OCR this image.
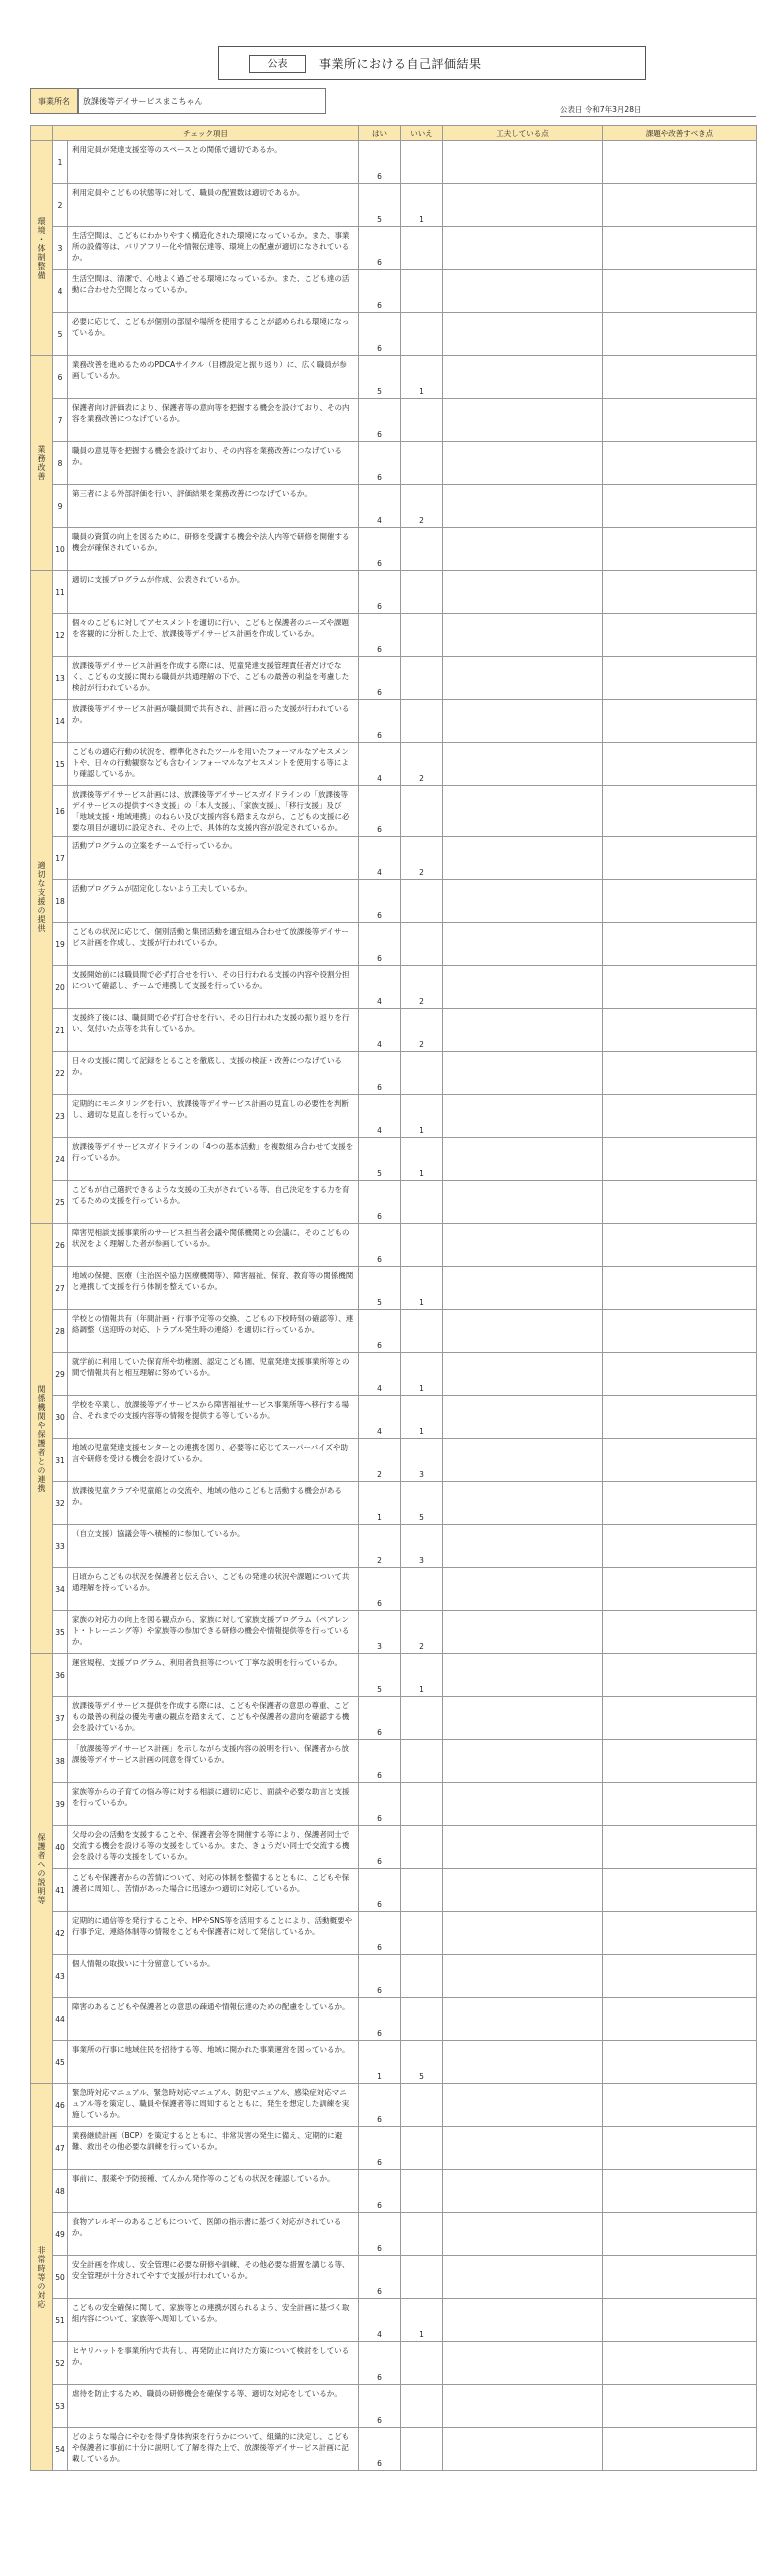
公表	事業所における自己評価結果
事業所名	放課後等デイサービスまこちゃん
公表日 令和7年3月28日
	チェック項目		はい	いいえ	工夫している点	課題や改善すべき点

環境・体制整備	1	利用定員が発達支援室等のスペースとの関係で適切であるか。	6			
	2	利用定員やこどもの状態等に対して、職員の配置数は適切であるか。	5	1		
	3	生活空間は、こどもにわかりやすく構造化された環境になっているか。また、事業所の設備等は、バリアフリー化や情報伝達等、環境上の配慮が適切になされているか。	6			
	4	生活空間は、清潔で、心地よく過ごせる環境になっているか。また、こども達の活動に合わせた空間となっているか。	6			
	5	必要に応じて、こどもが個別の部屋や場所を使用することが認められる環境になっているか。	6			

業務改善	6	業務改善を進めるためのPDCAサイクル（目標設定と振り返り）に、広く職員が参画しているか。	5	1		
	7	保護者向け評価表により、保護者等の意向等を把握する機会を設けており、その内容を業務改善につなげているか。	6			
	8	職員の意見等を把握する機会を設けており、その内容を業務改善につなげているか。	6			
	9	第三者による外部評価を行い、評価結果を業務改善につなげているか。	4	2		
	10	職員の資質の向上を図るために、研修を受講する機会や法人内等で研修を開催する機会が確保されているか。	6			

適切な支援の提供	11	適切に支援プログラムが作成、公表されているか。	6			
	12	個々のこどもに対してアセスメントを適切に行い、こどもと保護者のニーズや課題を客観的に分析した上で、放課後等デイサービス計画を作成しているか。	6			
	13	放課後等デイサービス計画を作成する際には、児童発達支援管理責任者だけでなく、こどもの支援に関わる職員が共通理解の下で、こどもの最善の利益を考慮した検討が行われているか。	6			
	14	放課後等デイサービス計画が職員間で共有され、計画に沿った支援が行われているか。	6			
	15	こどもの適応行動の状況を、標準化されたツールを用いたフォーマルなアセスメントや、日々の行動観察なども含むインフォーマルなアセスメントを使用する等により確認しているか。	4	2		
	16	放課後等デイサービス計画には、放課後等デイサービスガイドラインの「放課後等デイサービスの提供すべき支援」の「本人支援」、「家族支援」、「移行支援」及び「地域支援・地域連携」のねらい及び支援内容も踏まえながら、こどもの支援に必要な項目が適切に設定され、その上で、具体的な支援内容が設定されているか。	6			
	17	活動プログラムの立案をチームで行っているか。	4	2		
	18	活動プログラムが固定化しないよう工夫しているか。	6			
	19	こどもの状況に応じて、個別活動と集団活動を適宜組み合わせて放課後等デイサービス計画を作成し、支援が行われているか。	6			
	20	支援開始前には職員間で必ず打合せを行い、その日行われる支援の内容や役割分担について確認し、チームで連携して支援を行っているか。	4	2		
	21	支援終了後には、職員間で必ず打合せを行い、その日行われた支援の振り返りを行い、気付いた点等を共有しているか。	4	2		
	22	日々の支援に関して記録をとることを徹底し、支援の検証・改善につなげているか。	6			
	23	定期的にモニタリングを行い、放課後等デイサービス計画の見直しの必要性を判断し、適切な見直しを行っているか。	4	1		
	24	放課後等デイサービスガイドラインの「4つの基本活動」を複数組み合わせて支援を行っているか。	5	1		
	25	こどもが自己選択できるような支援の工夫がされている等、自己決定をする力を育てるための支援を行っているか。	6			

関係機関や保護者との連携	26	障害児相談支援事業所のサービス担当者会議や関係機関との会議に、そのこどもの状況をよく理解した者が参画しているか。	6			
	27	地域の保健、医療（主治医や協力医療機関等）、障害福祉、保育、教育等の関係機関と連携して支援を行う体制を整えているか。	5	1		
	28	学校との情報共有（年間計画・行事予定等の交換、こどもの下校時刻の確認等）、連絡調整（送迎時の対応、トラブル発生時の連絡）を適切に行っているか。	6			
	29	就学前に利用していた保育所や幼稚園、認定こども園、児童発達支援事業所等との間で情報共有と相互理解に努めているか。	4	1		
	30	学校を卒業し、放課後等デイサービスから障害福祉サービス事業所等へ移行する場合、それまでの支援内容等の情報を提供する等しているか。	4	1		
	31	地域の児童発達支援センターとの連携を図り、必要等に応じてスーパーバイズや助言や研修を受ける機会を設けているか。	2	3		
	32	放課後児童クラブや児童館との交流や、地域の他のこどもと活動する機会があるか。	1	5		
	33	（自立支援）協議会等へ積極的に参加しているか。	2	3		
	34	日頃からこどもの状況を保護者と伝え合い、こどもの発達の状況や課題について共通理解を持っているか。	6			
	35	家族の対応力の向上を図る観点から、家族に対して家族支援プログラム（ペアレント・トレーニング等）や家族等の参加できる研修の機会や情報提供等を行っているか。	3	2		

保護者への説明等	36	運営規程、支援プログラム、利用者負担等について丁寧な説明を行っているか。	5	1		
	37	放課後等デイサービス提供を作成する際には、こどもや保護者の意思の尊重、こどもの最善の利益の優先考慮の観点を踏まえて、こどもや保護者の意向を確認する機会を設けているか。	6			
	38	「放課後等デイサービス計画」を示しながら支援内容の説明を行い、保護者から放課後等デイサービス計画の同意を得ているか。	6			
	39	家族等からの子育ての悩み等に対する相談に適切に応じ、面談や必要な助言と支援を行っているか。	6			
	40	父母の会の活動を支援することや、保護者会等を開催する等により、保護者同士で交流する機会を設ける等の支援をしているか。また、きょうだい同士で交流する機会を設ける等の支援をしているか。	6			
	41	こどもや保護者からの苦情について、対応の体制を整備するとともに、こどもや保護者に周知し、苦情があった場合に迅速かつ適切に対応しているか。	6			
	42	定期的に通信等を発行することや、HPやSNS等を活用することにより、活動概要や行事予定、連絡体制等の情報をこどもや保護者に対して発信しているか。	6			
	43	個人情報の取扱いに十分留意しているか。	6			
	44	障害のあるこどもや保護者との意思の疎通や情報伝達のための配慮をしているか。	6			
	45	事業所の行事に地域住民を招待する等、地域に開かれた事業運営を図っているか。	1	5		

非常時等の対応	46	緊急時対応マニュアル、緊急時対応マニュアル、防犯マニュアル、感染症対応マニュアル等を策定し、職員や保護者等に周知するとともに、発生を想定した訓練を実施しているか。	6			
	47	業務継続計画（BCP）を策定するとともに、非常災害の発生に備え、定期的に避難、救出その他必要な訓練を行っているか。	6			
	48	事前に、服薬や予防接種、てんかん発作等のこどもの状況を確認しているか。	6			
	49	食物アレルギーのあるこどもについて、医師の指示書に基づく対応がされているか。	6			
	50	安全計画を作成し、安全管理に必要な研修や訓練、その他必要な措置を講じる等、安全管理が十分されてやすで支援が行われているか。	6			
	51	こどもの安全確保に関して、家族等との連携が図られるよう、安全計画に基づく取組内容について、家族等へ周知しているか。	4	1		
	52	ヒヤリハットを事業所内で共有し、再発防止に向けた方策について検討をしているか。	6			
	53	虐待を防止するため、職員の研修機会を確保する等、適切な対応をしているか。	6			
	54	どのような場合にやむを得ず身体拘束を行うかについて、組織的に決定し、こどもや保護者に事前に十分に説明して了解を得た上で、放課後等デイサービス計画に記載しているか。	6			
